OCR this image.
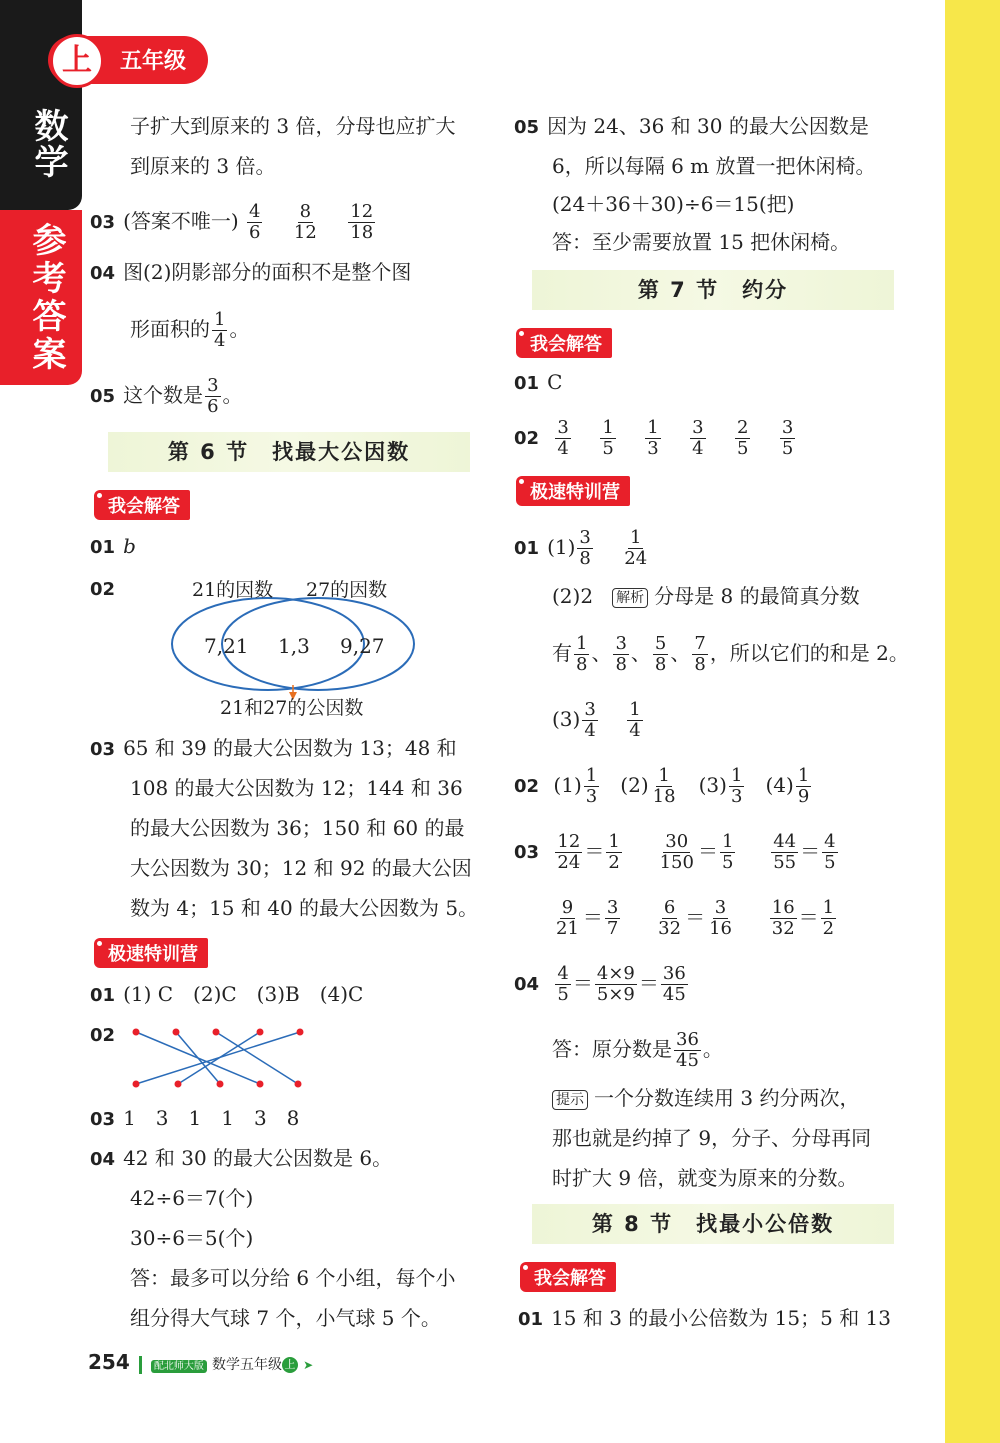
数学
参考答案
上	五年级
子扩大到原来的 3 倍，分母也应扩大
到原来的 3 倍。
03 (答案不唯一) $\frac{4}{6}$
$\frac{8}{12}$
$\frac{12}{18}$
04 图(2)阴影部分的面积不是整个图
形面积的 $\frac{1}{4}$ 。
05 这个数是 $\frac{3}{6}$ 。
第 6 节　找最大公因数
我会解答
01 b
02	21的因数 27的因数
7,21 1,3 9,27
21和27的公因数
03 65 和 39 的最大公因数为 13；48 和
108 的最大公因数为 12；144 和 36
的最大公因数为 36；150 和 60 的最
大公因数为 30；12 和 92 的最大公因
数为 4；15 和 40 的最大公因数为 5。
极速特训营
01 (1) C　(2)C　(3)B　(4)C
02
03 1　3　1　1　3　8
04 42 和 30 的最大公因数是 6。
42÷6＝7(个)
30÷6＝5(个)
答：最多可以分给 6 个小组，每个小
组分得大气球 7 个，小气球 5 个。
05 因为 24、36 和 30 的最大公因数是
6，所以每隔 6 m 放置一把休闲椅。
(24＋36＋30)÷6＝15(把)
答：至少需要放置 15 把休闲椅。
第 7 节　约分
我会解答
01 C
$02 \frac{3}{4}$
$\frac{1}{5}$
$\frac{1}{3}$
$\frac{3}{4}$
$\frac{2}{5}$
$\frac{3}{5}$
极速特训营
01 $(1) \frac{3}{8}$
$\frac{1}{24}$
(2)2 解析 分母是 8 的最简真分数
有 $\frac{1}{8}$ 、 $\frac{3}{8}$ 、 $\frac{5}{8}$ 、 $\frac{7}{8}$ ，所以它们的和是 2。
$(3) \frac{3}{4}$
$\frac{1}{4}$
02 $(1) \frac{1}{3} (2) \frac{1}{18} (3) \frac{1}{3} (4) \frac{1}{9}$
$03 \frac{12}{24} = \frac{1}{2}$
$\frac{30}{150} = \frac{1}{5}$
$\frac{44}{55} = \frac{4}{5}$
$\frac{9}{21} = \frac{3}{7}$
$\frac{6}{32} = \frac{3}{16}$
$\frac{16}{32} = \frac{1}{2}$
$04 \frac{4}{5} = \frac{4\times 9}{5\times 9} = \frac{36}{45}$
答：原分数是 $\frac{36}{45}$ 。
提示 一个分数连续用 3 约分两次，
那也就是约掉了 9，分子、分母再同
时扩大 9 倍，就变为原来的分数。
第 8 节　找最小公倍数
我会解答
01 15 和 3 的最小公倍数为 15；5 和 13
254 配北师大版 数学五年级 上 ➤
